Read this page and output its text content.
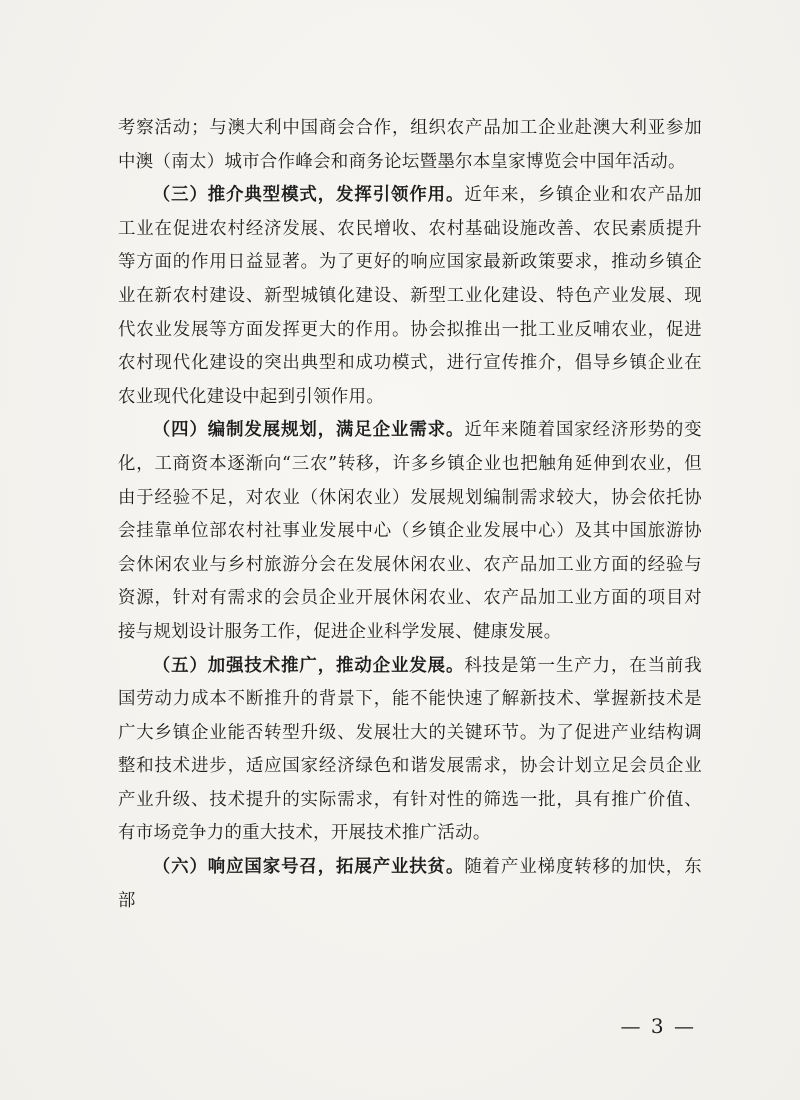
考察活动；与澳大利中国商会合作，组织农产品加工企业赴澳大利亚参加中澳（南太）城市合作峰会和商务论坛暨墨尔本皇家博览会中国年活动。

（三）推介典型模式，发挥引领作用。近年来，乡镇企业和农产品加工业在促进农村经济发展、农民增收、农村基础设施改善、农民素质提升等方面的作用日益显著。为了更好的响应国家最新政策要求，推动乡镇企业在新农村建设、新型城镇化建设、新型工业化建设、特色产业发展、现代农业发展等方面发挥更大的作用。协会拟推出一批工业反哺农业，促进农村现代化建设的突出典型和成功模式，进行宣传推介，倡导乡镇企业在农业现代化建设中起到引领作用。

（四）编制发展规划，满足企业需求。近年来随着国家经济形势的变化，工商资本逐渐向“三农”转移，许多乡镇企业也把触角延伸到农业，但由于经验不足，对农业（休闲农业）发展规划编制需求较大，协会依托协会挂靠单位部农村社事业发展中心（乡镇企业发展中心）及其中国旅游协会休闲农业与乡村旅游分会在发展休闲农业、农产品加工业方面的经验与资源，针对有需求的会员企业开展休闲农业、农产品加工业方面的项目对接与规划设计服务工作，促进企业科学发展、健康发展。

（五）加强技术推广，推动企业发展。科技是第一生产力，在当前我国劳动力成本不断推升的背景下，能不能快速了解新技术、掌握新技术是广大乡镇企业能否转型升级、发展壮大的关键环节。为了促进产业结构调整和技术进步，适应国家经济绿色和谐发展需求，协会计划立足会员企业产业升级、技术提升的实际需求，有针对性的筛选一批，具有推广价值、有市场竞争力的重大技术，开展技术推广活动。

（六）响应国家号召，拓展产业扶贫。随着产业梯度转移的加快，东部

— 3 —
